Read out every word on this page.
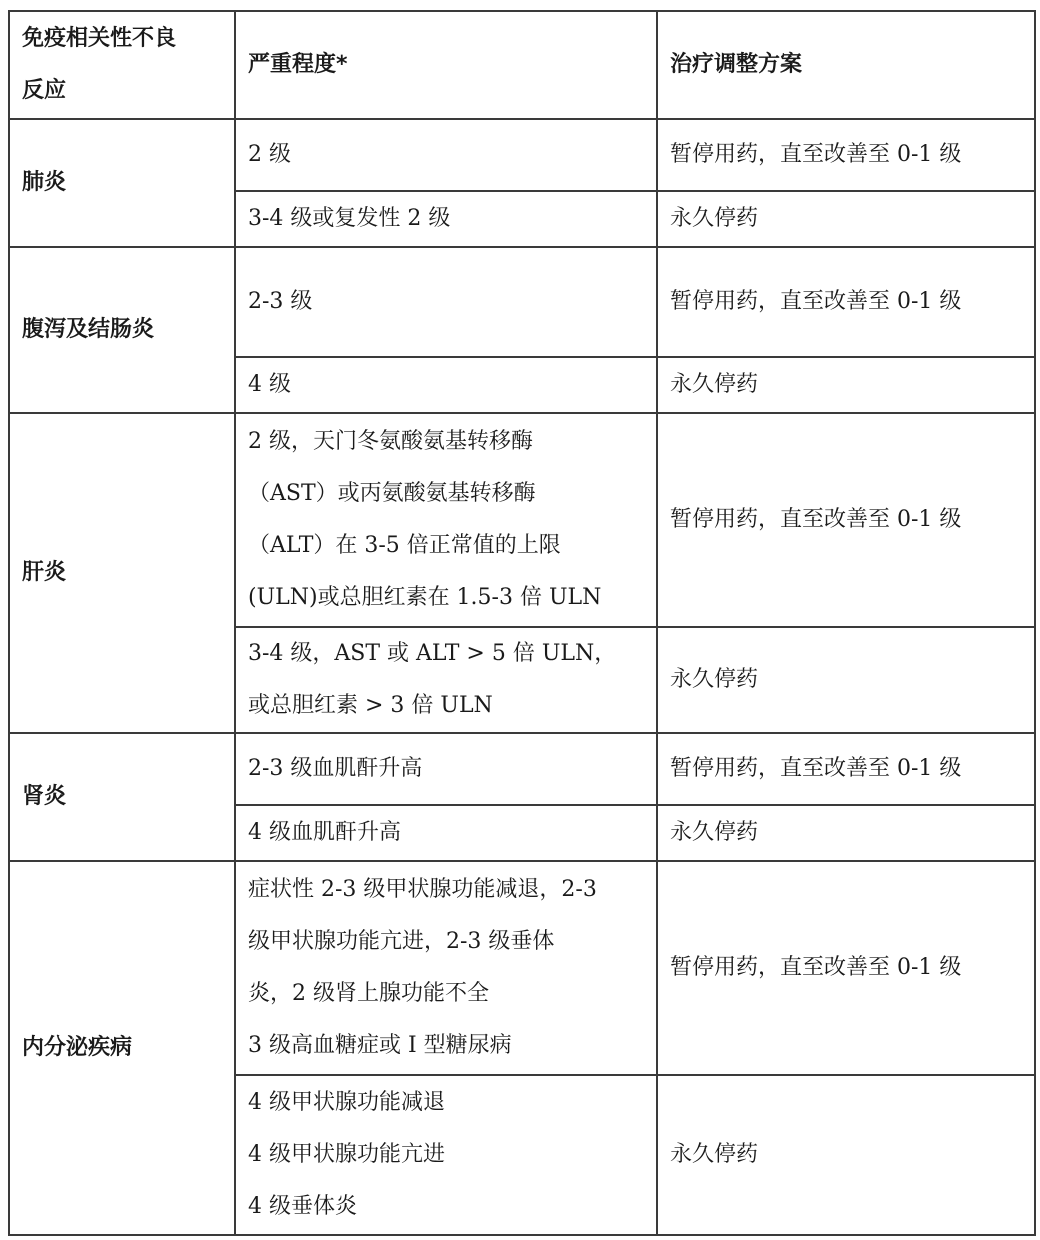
免疫相关性不良
反应	严重程度*	治疗调整方案
肺炎	2 级	暂停用药，直至改善至 0-1 级

	3-4 级或复发性 2 级	永久停药
腹泻及结肠炎	2-3 级	暂停用药，直至改善至 0-1 级

	4 级	永久停药
肝炎	2 级，天门冬氨酸氨基转移酶
（AST）或丙氨酸氨基转移酶
（ALT）在 3-5 倍正常值的上限
(ULN)或总胆红素在 1.5-3 倍 ULN	暂停用药，直至改善至 0-1 级

	3-4 级，AST 或 ALT > 5 倍 ULN，
或总胆红素 > 3 倍 ULN	永久停药
肾炎	2-3 级血肌酐升高	暂停用药，直至改善至 0-1 级

	4 级血肌酐升高	永久停药
内分泌疾病	症状性 2-3 级甲状腺功能减退，2-3
级甲状腺功能亢进，2-3 级垂体
炎，2 级肾上腺功能不全
3 级高血糖症或 I 型糖尿病	暂停用药，直至改善至 0-1 级

	4 级甲状腺功能减退
4 级甲状腺功能亢进
4 级垂体炎	永久停药
